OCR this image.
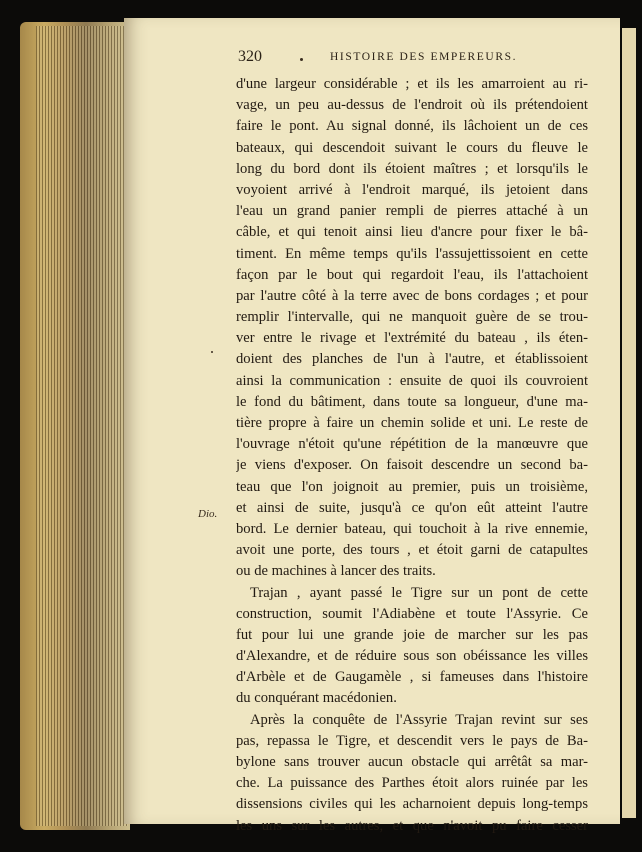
320	HISTOIRE DES EMPEREURS.
Dio.
d'une largeur considérable ; et ils les amarroient au ri-
vage, un peu au-dessus de l'endroit où ils prétendoient
faire le pont. Au signal donné, ils lâchoient un de ces
bateaux, qui descendoit suivant le cours du fleuve le
long du bord dont ils étoient maîtres ; et lorsqu'ils le
voyoient arrivé à l'endroit marqué, ils jetoient dans
l'eau un grand panier rempli de pierres attaché à un
câble, et qui tenoit ainsi lieu d'ancre pour fixer le bâ-
timent. En même temps qu'ils l'assujettissoient en cette
façon par le bout qui regardoit l'eau, ils l'attachoient
par l'autre côté à la terre avec de bons cordages ; et pour
remplir l'intervalle, qui ne manquoit guère de se trou-
ver entre le rivage et l'extrémité du bateau , ils éten-
doient des planches de l'un à l'autre, et établissoient
ainsi la communication : ensuite de quoi ils couvroient
le fond du bâtiment, dans toute sa longueur, d'une ma-
tière propre à faire un chemin solide et uni. Le reste de
l'ouvrage n'étoit qu'une répétition de la manœuvre que
je viens d'exposer. On faisoit descendre un second ba-
teau que l'on joignoit au premier, puis un troisième,
et ainsi de suite, jusqu'à ce qu'on eût atteint l'autre
bord. Le dernier bateau, qui touchoit à la rive ennemie,
avoit une porte, des tours , et étoit garni de catapultes
ou de machines à lancer des traits.
Trajan , ayant passé le Tigre sur un pont de cette
construction, soumit l'Adiabène et toute l'Assyrie. Ce
fut pour lui une grande joie de marcher sur les pas
d'Alexandre, et de réduire sous son obéissance les villes
d'Arbèle et de Gaugamèle , si fameuses dans l'histoire
du conquérant macédonien.
Après la conquête de l'Assyrie Trajan revint sur ses
pas, repassa le Tigre, et descendit vers le pays de Ba-
bylone sans trouver aucun obstacle qui arrêtât sa mar-
che. La puissance des Parthes étoit alors ruinée par les
dissensions civiles qui les acharnoient depuis long-temps
les uns sur les autres, et que n'avoit pu faire cesser
